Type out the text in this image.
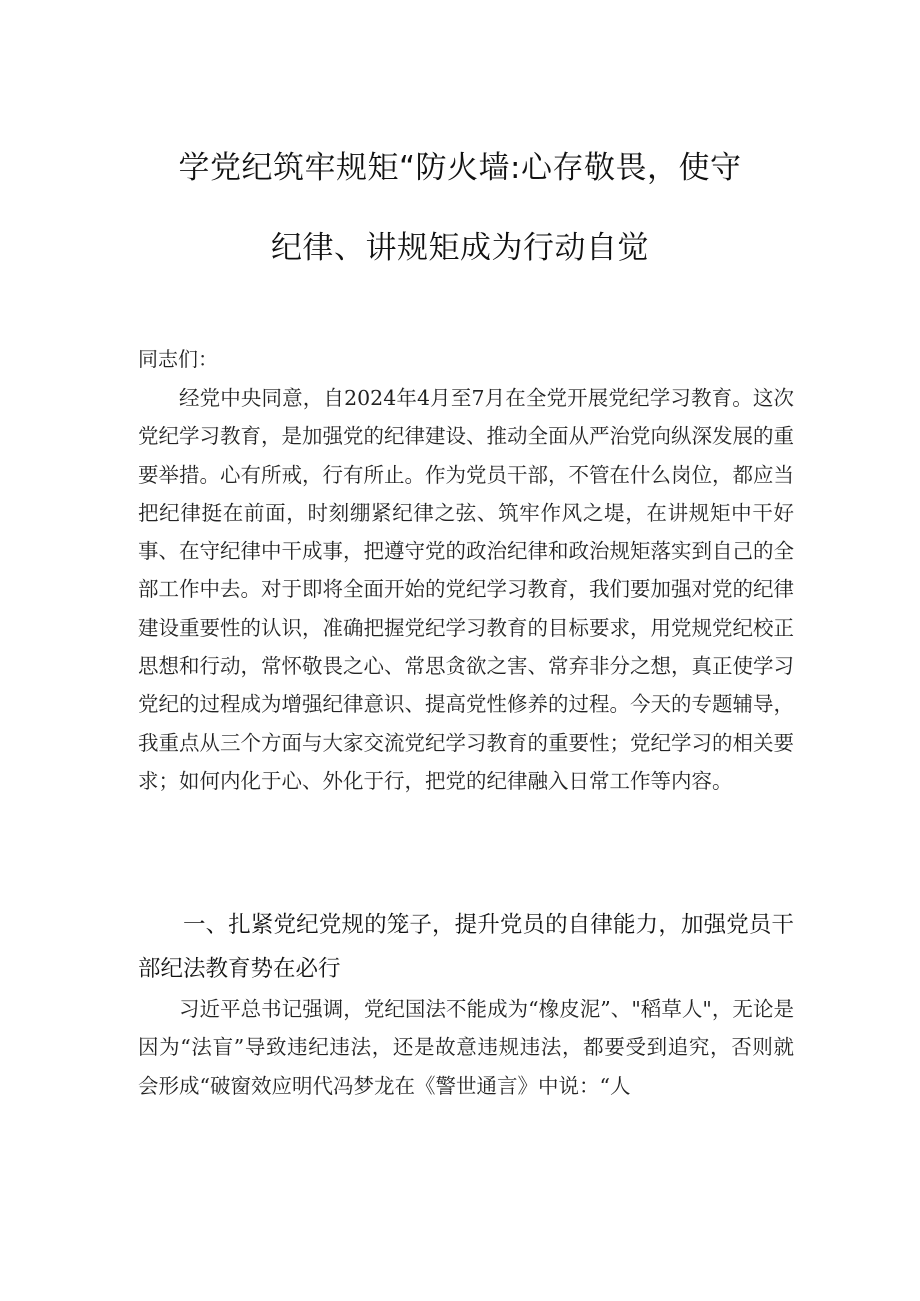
学党纪筑牢规矩“防火墙:心存敬畏，使守
纪律、讲规矩成为行动自觉
同志们：
经党中央同意，自2024年4月至7月在全党开展党纪学习教育。这次党纪学习教育，是加强党的纪律建设、推动全面从严治党向纵深发展的重要举措。心有所戒，行有所止。作为党员干部，不管在什么岗位，都应当把纪律挺在前面，时刻绷紧纪律之弦、筑牢作风之堤，在讲规矩中干好事、在守纪律中干成事，把遵守党的政治纪律和政治规矩落实到自己的全部工作中去。对于即将全面开始的党纪学习教育，我们要加强对党的纪律建设重要性的认识，准确把握党纪学习教育的目标要求，用党规党纪校正思想和行动，常怀敬畏之心、常思贪欲之害、常弃非分之想，真正使学习党纪的过程成为增强纪律意识、提高党性修养的过程。今天的专题辅导，我重点从三个方面与大家交流党纪学习教育的重要性；党纪学习的相关要求；如何内化于心、外化于行，把党的纪律融入日常工作等内容。
一、扎紧党纪党规的笼子，提升党员的自律能力，加强党员干部纪法教育势在必行
习近平总书记强调，党纪国法不能成为“橡皮泥”、"稻草人"，无论是因为“法盲”导致违纪违法，还是故意违规违法，都要受到追究，否则就会形成“破窗效应明代冯梦龙在《警世通言》中说：“人
